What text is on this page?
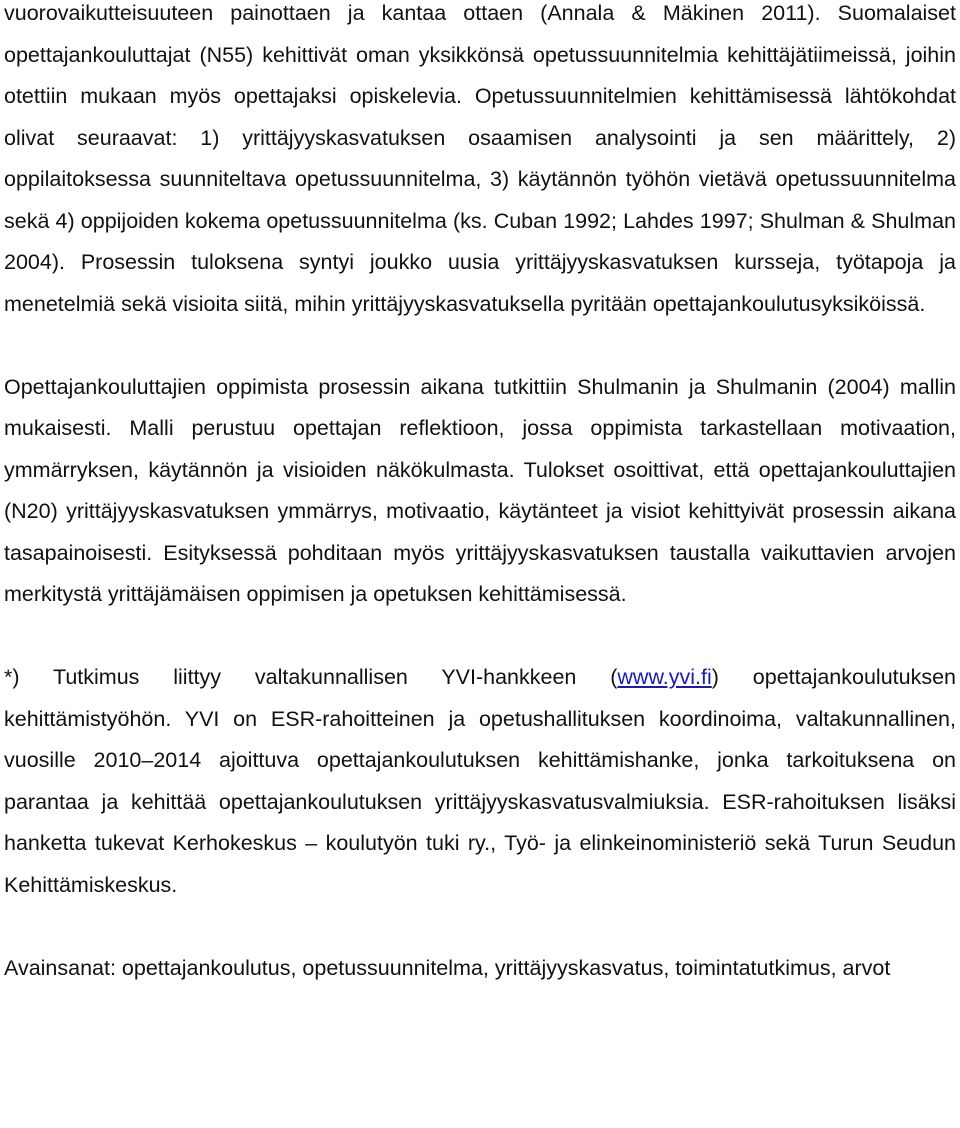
vuorovaikutteisuuteen painottaen ja kantaa ottaen (Annala & Mäkinen 2011). Suomalaiset opettajankouluttajat (N55) kehittivät oman yksikkönsä opetussuunnitelmia kehittäjätiimeissä, joihin otettiin mukaan myös opettajaksi opiskelevia. Opetussuunnitelmien kehittämisessä lähtökohdat olivat seuraavat: 1) yrittäjyyskasvatuksen osaamisen analysointi ja sen määrittely, 2) oppilaitoksessa suunniteltava opetussuunnitelma, 3) käytännön työhön vietävä opetussuunnitelma sekä 4) oppijoiden kokema opetussuunnitelma (ks. Cuban 1992; Lahdes 1997; Shulman & Shulman 2004). Prosessin tuloksena syntyi joukko uusia yrittäjyyskasvatuksen kursseja, työtapoja ja menetelmiä sekä visioita siitä, mihin yrittäjyyskasvatuksella pyritään opettajankoulutusyksiköissä.

Opettajankouluttajien oppimista prosessin aikana tutkittiin Shulmanin ja Shulmanin (2004) mallin mukaisesti. Malli perustuu opettajan reflektioon, jossa oppimista tarkastellaan motivaation, ymmärryksen, käytännön ja visioiden näkökulmasta. Tulokset osoittivat, että opettajankouluttajien (N20) yrittäjyyskasvatuksen ymmärrys, motivaatio, käytänteet ja visiot kehittyivät prosessin aikana tasapainoisesti. Esityksessä pohditaan myös yrittäjyyskasvatuksen taustalla vaikuttavien arvojen merkitystä yrittäjämäisen oppimisen ja opetuksen kehittämisessä.

*) Tutkimus liittyy valtakunnallisen YVI-hankkeen (www.yvi.fi) opettajankoulutuksen kehittämistyöhön. YVI on ESR-rahoitteinen ja opetushallituksen koordinoima, valtakunnallinen, vuosille 2010–2014 ajoittuva opettajankoulutuksen kehittämishanke, jonka tarkoituksena on parantaa ja kehittää opettajankoulutuksen yrittäjyyskasvatusvalmiuksia. ESR-rahoituksen lisäksi hanketta tukevat Kerhokeskus – koulutyön tuki ry., Työ- ja elinkeinoministeriö sekä Turun Seudun Kehittämiskeskus.

Avainsanat: opettajankoulutus, opetussuunnitelma, yrittäjyyskasvatus, toimintatutkimus, arvot
